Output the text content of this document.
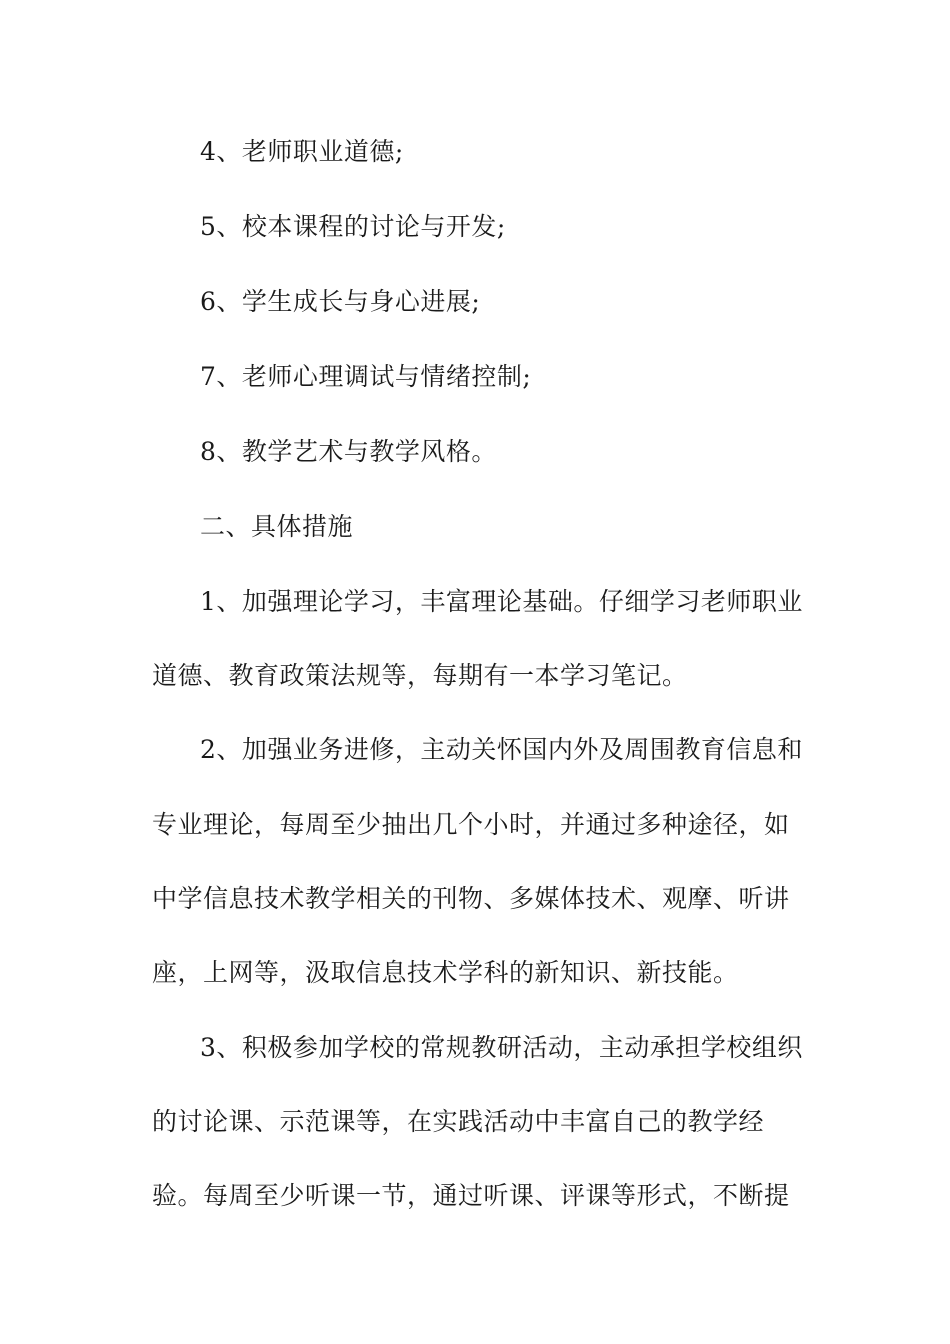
4、老师职业道德;
5、校本课程的讨论与开发;
6、学生成长与身心进展;
7、老师心理调试与情绪控制;
8、教学艺术与教学风格。
二、具体措施
1、加强理论学习，丰富理论基础。仔细学习老师职业
道德、教育政策法规等，每期有一本学习笔记。
2、加强业务进修，主动关怀国内外及周围教育信息和
专业理论，每周至少抽出几个小时，并通过多种途径，如
中学信息技术教学相关的刊物、多媒体技术、观摩、听讲
座，上网等，汲取信息技术学科的新知识、新技能。
3、积极参加学校的常规教研活动，主动承担学校组织
的讨论课、示范课等，在实践活动中丰富自己的教学经
验。每周至少听课一节，通过听课、评课等形式，不断提
